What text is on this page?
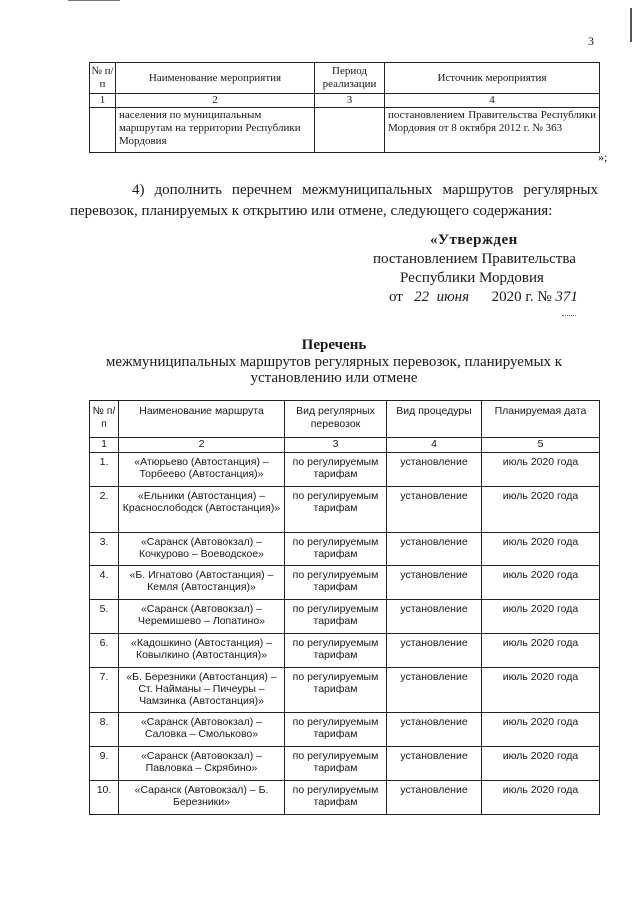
3
№ п/п	Наименование мероприятия	Период реализации	Источник мероприятия
1	2	3	4
	населения по муниципальным маршрутам на территории Республики Мордовия		постановлением Правительства Республики Мордовия от 8 октября 2012 г. № 363
»;
4) дополнить перечнем межмуниципальных маршрутов регулярных перевозок, планируемых к открытию или отмене, следующего содержания:
«Утвержден
постановлением Правительства
Республики Мордовия
от 22 июня 2020 г. № 371
Перечень
межмуниципальных маршрутов регулярных перевозок, планируемых к
установлению или отмене
№ п/п	Наименование маршрута	Вид регулярных перевозок	Вид процедуры	Планируемая дата
1	2	3	4	5
1.	«Атюрьево (Автостанция) – Торбеево (Автостанция)»	по регулируемым тарифам	установление	июль 2020 года
2.	«Ельники (Автостанция) – Краснослободск (Автостанция)»	по регулируемым тарифам	установление	июль 2020 года
3.	«Саранск (Автовокзал) – Кочкурово – Воеводское»	по регулируемым тарифам	установление	июль 2020 года
4.	«Б. Игнатово (Автостанция) – Кемля (Автостанция)»	по регулируемым тарифам	установление	июль 2020 года
5.	«Саранск (Автовокзал) – Черемишево – Лопатино»	по регулируемым тарифам	установление	июль 2020 года
6.	«Кадошкино (Автостанция) – Ковылкино (Автостанция)»	по регулируемым тарифам	установление	июль 2020 года
7.	«Б. Березники (Автостанция) – Ст. Найманы – Пичеуры – Чамзинка (Автостанция)»	по регулируемым тарифам	установление	июль 2020 года
8.	«Саранск (Автовокзал) – Саловка – Смольково»	по регулируемым тарифам	установление	июль 2020 года
9.	«Саранск (Автовокзал) – Павловка – Скрябино»	по регулируемым тарифам	установление	июль 2020 года
10.	«Саранск (Автовокзал) – Б. Березники»	по регулируемым тарифам	установление	июль 2020 года
